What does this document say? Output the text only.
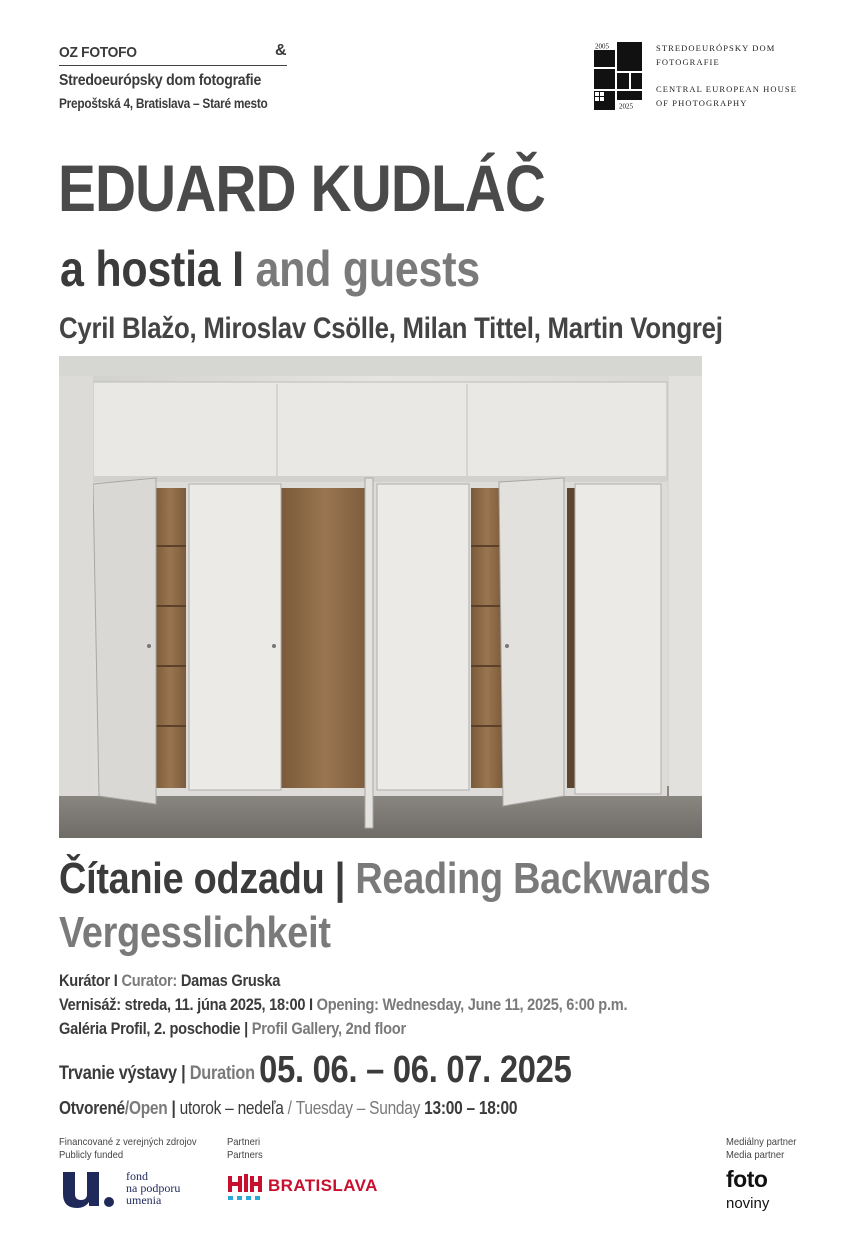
OZ FOTOFO	&
Stredoeurópsky dom fotografie
Prepoštská 4, Bratislava – Staré mesto
2005
2025
STREDOEURÓPSKY DOM
FOTOGRAFIE
CENTRAL EUROPEAN HOUSE
OF PHOTOGRAPHY
EDUARD KUDLÁČ
a hostia I and guests
Cyril Blažo, Miroslav Csölle, Milan Tittel, Martin Vongrej
Čítanie odzadu | Reading Backwards
Vergesslichkeit
Kurátor I Curator: Damas Gruska
Vernisáž: streda, 11. júna 2025, 18:00 I Opening: Wednesday, June 11, 2025, 6:00 p.m.
Galéria Profil, 2. poschodie | Profil Gallery, 2nd floor
Trvanie výstavy | Duration 05. 06. – 06. 07. 2025
Otvorené/Open | utorok – nedeľa / Tuesday – Sunday 13:00 – 18:00
Financované z verejných zdrojov
Publicly funded
fond
na podporu
umenia
Partneri
Partners
BRATISLAVA
Mediálny partner
Media partner
foto
noviny
